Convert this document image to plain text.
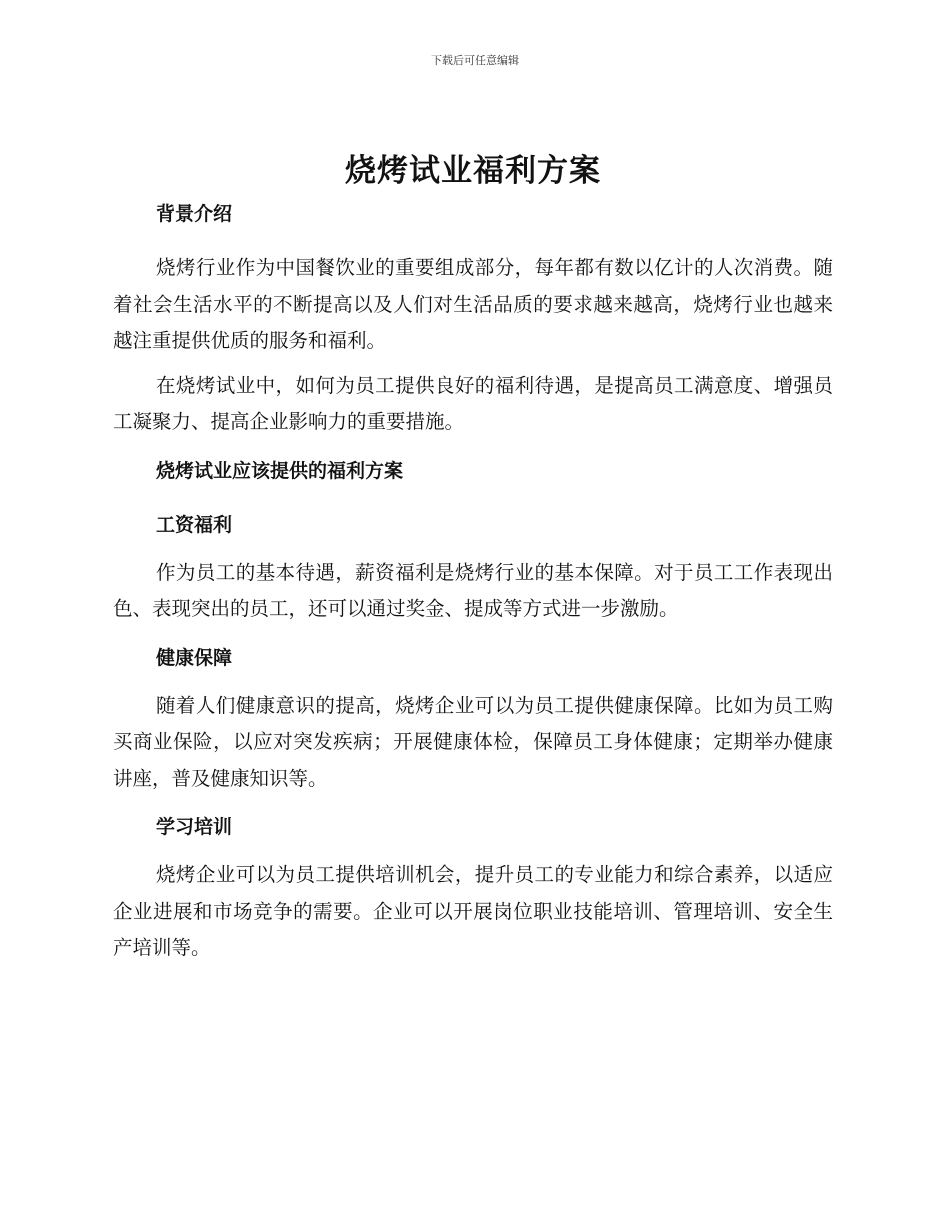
下载后可任意编辑
烧烤试业福利方案
背景介绍

烧烤行业作为中国餐饮业的重要组成部分，每年都有数以亿计的人次消费。随着社会生活水平的不断提高以及人们对生活品质的要求越来越高，烧烤行业也越来越注重提供优质的服务和福利。

在烧烤试业中，如何为员工提供良好的福利待遇，是提高员工满意度、增强员工凝聚力、提高企业影响力的重要措施。

烧烤试业应该提供的福利方案
工资福利

作为员工的基本待遇，薪资福利是烧烤行业的基本保障。对于员工工作表现出色、表现突出的员工，还可以通过奖金、提成等方式进一步激励。

健康保障

随着人们健康意识的提高，烧烤企业可以为员工提供健康保障。比如为员工购买商业保险，以应对突发疾病；开展健康体检，保障员工身体健康；定期举办健康讲座，普及健康知识等。

学习培训

烧烤企业可以为员工提供培训机会，提升员工的专业能力和综合素养，以适应企业进展和市场竞争的需要。企业可以开展岗位职业技能培训、管理培训、安全生产培训等。
